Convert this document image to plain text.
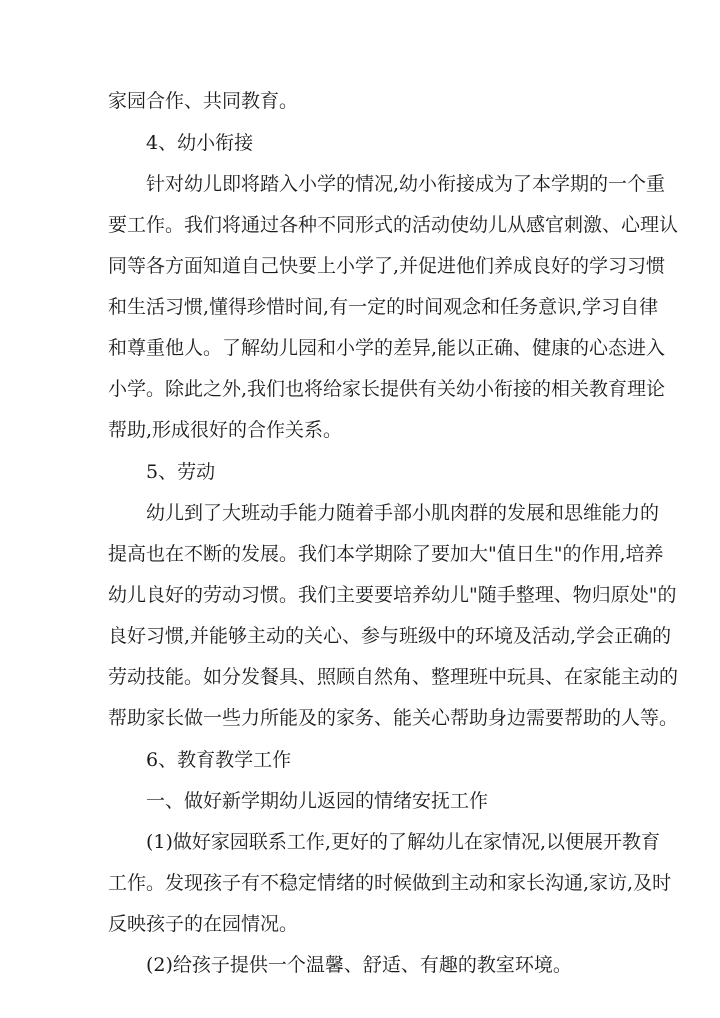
家园合作、共同教育。
4、幼小衔接
针对幼儿即将踏入小学的情况,幼小衔接成为了本学期的一个重
要工作。我们将通过各种不同形式的活动使幼儿从感官刺激、心理认
同等各方面知道自己快要上小学了,并促进他们养成良好的学习习惯
和生活习惯,懂得珍惜时间,有一定的时间观念和任务意识,学习自律
和尊重他人。了解幼儿园和小学的差异,能以正确、健康的心态进入
小学。除此之外,我们也将给家长提供有关幼小衔接的相关教育理论
帮助,形成很好的合作关系。
5、劳动
幼儿到了大班动手能力随着手部小肌肉群的发展和思维能力的
提高也在不断的发展。我们本学期除了要加大"值日生"的作用,培养
幼儿良好的劳动习惯。我们主要要培养幼儿"随手整理、物归原处"的
良好习惯,并能够主动的关心、参与班级中的环境及活动,学会正确的
劳动技能。如分发餐具、照顾自然角、整理班中玩具、在家能主动的
帮助家长做一些力所能及的家务、能关心帮助身边需要帮助的人等。
6、教育教学工作
一、做好新学期幼儿返园的情绪安抚工作
(1)做好家园联系工作,更好的了解幼儿在家情况,以便展开教育
工作。发现孩子有不稳定情绪的时候做到主动和家长沟通,家访,及时
反映孩子的在园情况。
(2)给孩子提供一个温馨、舒适、有趣的教室环境。
